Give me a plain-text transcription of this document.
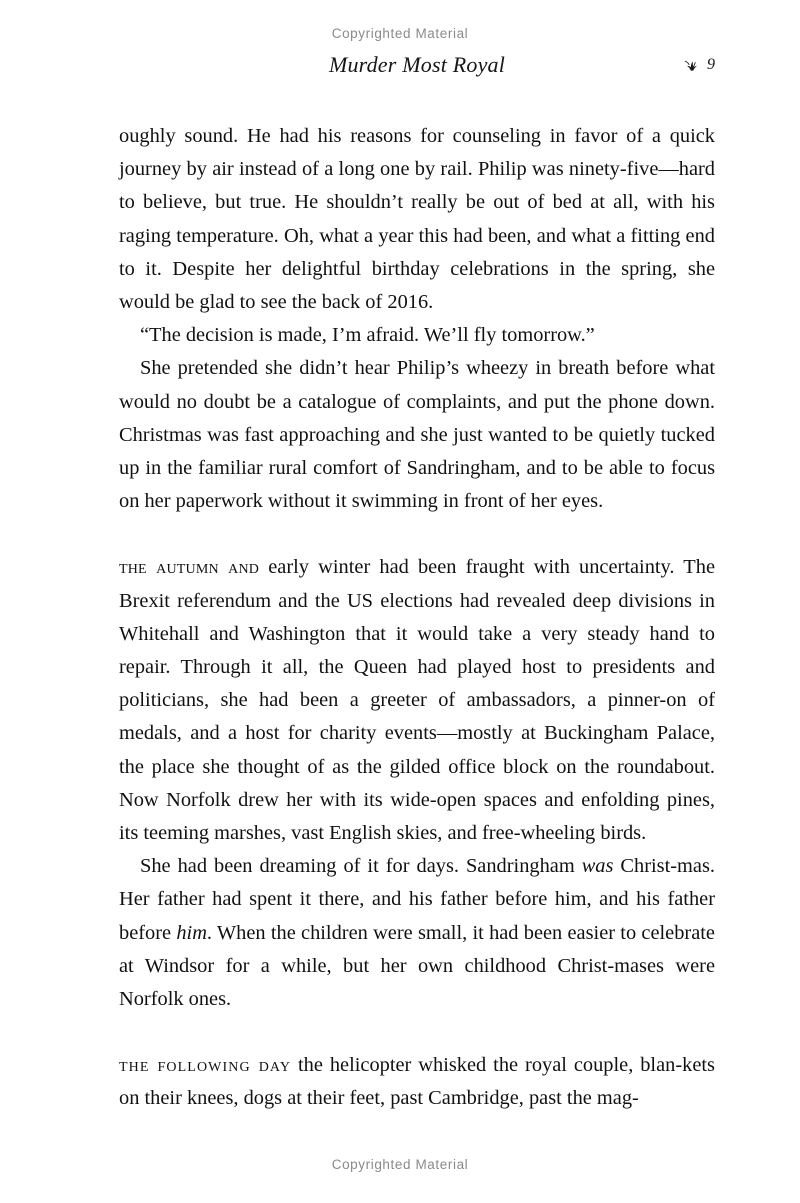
Copyrighted Material
Murder Most Royal	9

oughly sound. He had his reasons for counseling in favor of a quick journey by air instead of a long one by rail. Philip was ninety-five—hard to believe, but true. He shouldn’t really be out of bed at all, with his raging temperature. Oh, what a year this had been, and what a fitting end to it. Despite her delightful birthday celebrations in the spring, she would be glad to see the back of 2016.

“The decision is made, I’m afraid. We’ll fly tomorrow.”

She pretended she didn’t hear Philip’s wheezy in breath before what would no doubt be a catalogue of complaints, and put the phone down. Christmas was fast approaching and she just wanted to be quietly tucked up in the familiar rural comfort of Sandringham, and to be able to focus on her paperwork without it swimming in front of her eyes.

the autumn and early winter had been fraught with uncertainty. The Brexit referendum and the US elections had revealed deep divisions in Whitehall and Washington that it would take a very steady hand to repair. Through it all, the Queen had played host to presidents and politicians, she had been a greeter of ambassadors, a pinner-on of medals, and a host for charity events—mostly at Buckingham Palace, the place she thought of as the gilded office block on the roundabout. Now Norfolk drew her with its wide-open spaces and enfolding pines, its teeming marshes, vast English skies, and free-wheeling birds.

She had been dreaming of it for days. Sandringham was Christ-mas. Her father had spent it there, and his father before him, and his father before him. When the children were small, it had been easier to celebrate at Windsor for a while, but her own childhood Christ-mases were Norfolk ones.

the following day the helicopter whisked the royal couple, blan-kets on their knees, dogs at their feet, past Cambridge, past the mag-

Copyrighted Material
